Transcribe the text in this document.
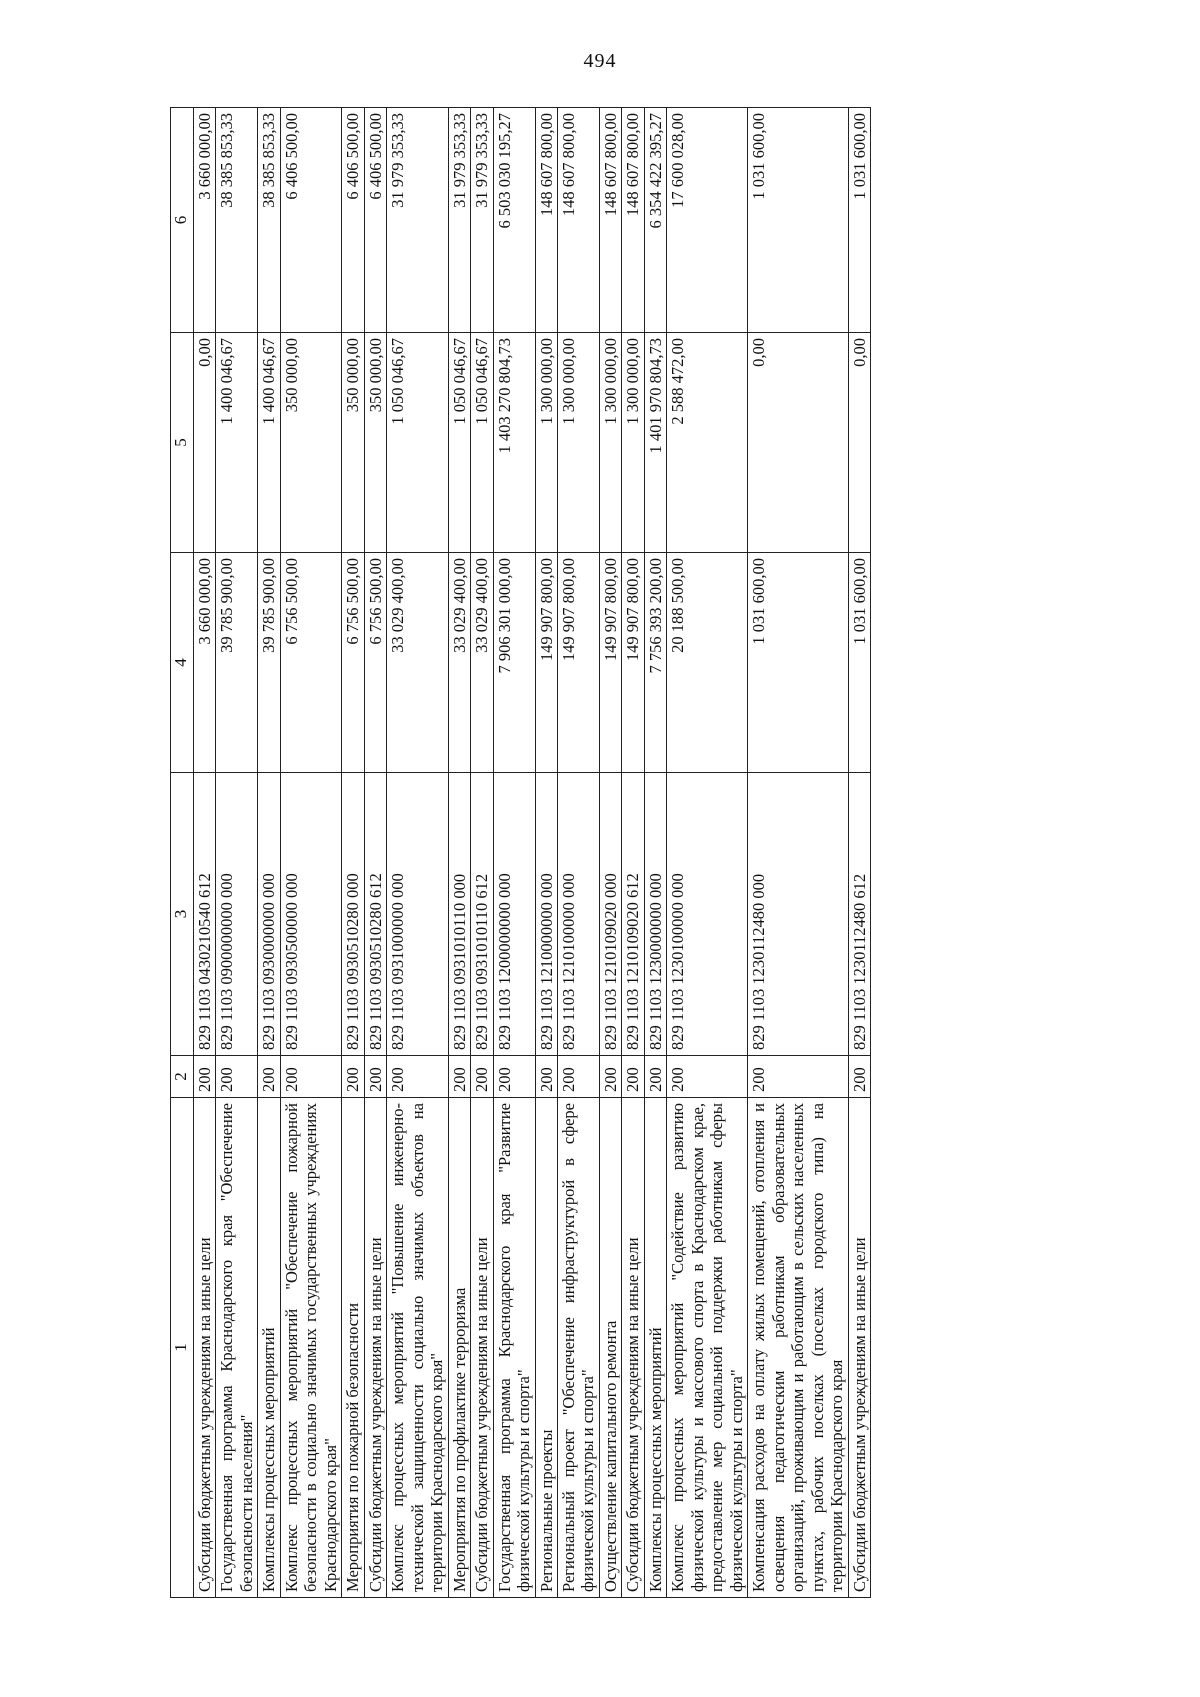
494
1	2	3	4	5	6
Субсидии бюджетным учреждениям на иные цели	200	829 1103 0430210540 612	3 660 000,00	0,00	3 660 000,00
Государственная программа Краснодарского края "Обеспечение безопасности населения"	200	829 1103 0900000000 000	39 785 900,00	1 400 046,67	38 385 853,33
Комплексы процессных мероприятий	200	829 1103 0930000000 000	39 785 900,00	1 400 046,67	38 385 853,33
Комплекс процессных мероприятий "Обеспечение пожарной безопасности в социально значимых государственных учреждениях Краснодарского края"	200	829 1103 0930500000 000	6 756 500,00	350 000,00	6 406 500,00
Мероприятия по пожарной безопасности	200	829 1103 0930510280 000	6 756 500,00	350 000,00	6 406 500,00
Субсидии бюджетным учреждениям на иные цели	200	829 1103 0930510280 612	6 756 500,00	350 000,00	6 406 500,00
Комплекс процессных мероприятий "Повышение инженерно-технической защищенности социально значимых объектов на территории Краснодарского края"	200	829 1103 0931000000 000	33 029 400,00	1 050 046,67	31 979 353,33
Мероприятия по профилактике терроризма	200	829 1103 0931010110 000	33 029 400,00	1 050 046,67	31 979 353,33
Субсидии бюджетным учреждениям на иные цели	200	829 1103 0931010110 612	33 029 400,00	1 050 046,67	31 979 353,33
Государственная программа Краснодарского края "Развитие физической культуры и спорта"	200	829 1103 1200000000 000	7 906 301 000,00	1 403 270 804,73	6 503 030 195,27
Региональные проекты	200	829 1103 1210000000 000	149 907 800,00	1 300 000,00	148 607 800,00
Региональный проект "Обеспечение инфраструктурой в сфере физической культуры и спорта"	200	829 1103 1210100000 000	149 907 800,00	1 300 000,00	148 607 800,00
Осуществление капитального ремонта	200	829 1103 1210109020 000	149 907 800,00	1 300 000,00	148 607 800,00
Субсидии бюджетным учреждениям на иные цели	200	829 1103 1210109020 612	149 907 800,00	1 300 000,00	148 607 800,00
Комплексы процессных мероприятий	200	829 1103 1230000000 000	7 756 393 200,00	1 401 970 804,73	6 354 422 395,27
Комплекс процессных мероприятий "Содействие развитию физической культуры и массового спорта в Краснодарском крае, предоставление мер социальной поддержки работникам сферы физической культуры и спорта"	200	829 1103 1230100000 000	20 188 500,00	2 588 472,00	17 600 028,00
Компенсация расходов на оплату жилых помещений, отопления и освещения педагогическим работникам образовательных организаций, проживающим и работающим в сельских населенных пунктах, рабочих поселках (поселках городского типа) на территории Краснодарского края	200	829 1103 1230112480 000	1 031 600,00	0,00	1 031 600,00
Субсидии бюджетным учреждениям на иные цели	200	829 1103 1230112480 612	1 031 600,00	0,00	1 031 600,00
